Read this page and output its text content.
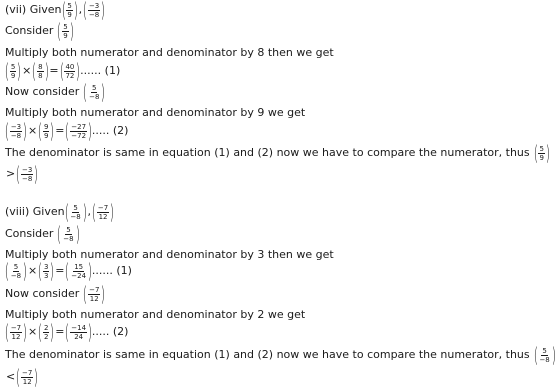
(vii) Given ( $\frac{5}{9}$ ) , ( $\frac{-3}{-8}$ )
Consider ( $\frac{5}{9}$ )
Multiply both numerator and denominator by 8 then we get
( $\frac{5}{9}$ ) × ( $\frac{8}{8}$ ) = ( $\frac{40}{72}$ ) ...... (1)
Now consider ( $\frac{5}{-8}$ )
Multiply both numerator and denominator by 9 we get
( $\frac{-3}{-8}$ ) × ( $\frac{9}{9}$ ) = ( $\frac{-27}{-72}$ ) ..... (2)
The denominator is same in equation (1) and (2) now we have to compare the numerator, thus ( $\frac{5}{9}$ )
> ( $\frac{-3}{-8}$ )
(viii) Given ( $\frac{5}{-8}$ ) , ( $\frac{-7}{12}$ )
Consider ( $\frac{5}{-8}$ )
Multiply both numerator and denominator by 3 then we get
( $\frac{5}{-8}$ ) × ( $\frac{3}{3}$ ) = ( $\frac{15}{-24}$ ) ...... (1)
Now consider ( $\frac{-7}{12}$ )
Multiply both numerator and denominator by 2 we get
( $\frac{-7}{12}$ ) × ( $\frac{2}{2}$ ) = ( $\frac{-14}{24}$ ) ..... (2)
The denominator is same in equation (1) and (2) now we have to compare the numerator, thus ( $\frac{5}{-8}$ )
< ( $\frac{-7}{12}$ )
